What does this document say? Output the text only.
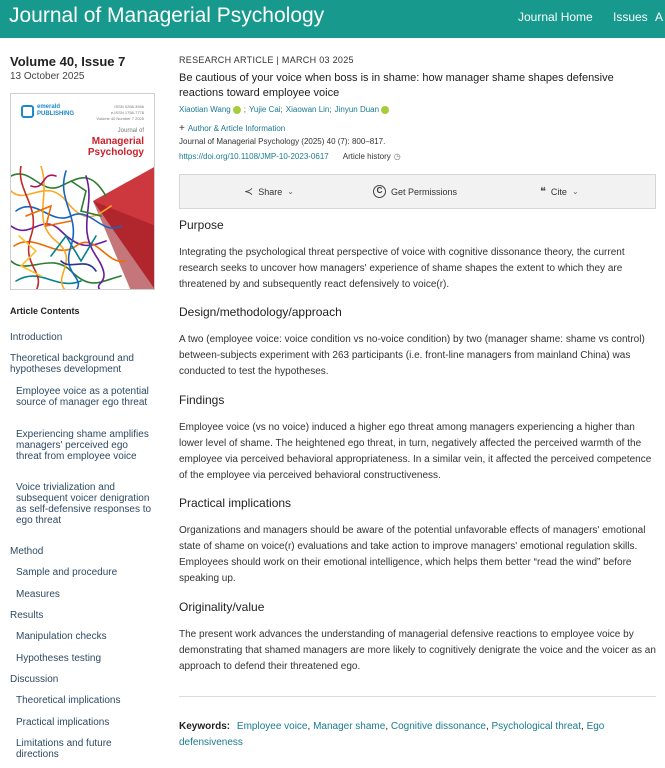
Journal of Managerial Psychology	Journal Home Issues A
Volume 40, Issue 7
13 October 2025
emerald
PUBLISHING
ISSN 0268-3946
e-ISSN 1758-7778
Volume 40 Number 7 2025
Journal of
Managerial
Psychology
Article Contents
Introduction
Theoretical background and hypotheses development
Employee voice as a potential source of manager ego threat
Experiencing shame amplifies managers' perceived ego threat from employee voice
Voice trivialization and subsequent voicer denigration as self-defensive responses to ego threat
Method
Sample and procedure
Measures
Results
Manipulation checks
Hypotheses testing
Discussion
Theoretical implications
Practical implications
Limitations and future directions
RESEARCH ARTICLE | MARCH 03 2025
Be cautious of your voice when boss is in shame: how manager shame shapes defensive reactions toward employee voice
Xiaotian Wang ; Yujie Cai ; Xiaowan Lin ; Jinyun Duan
+ Author & Article Information
Journal of Managerial Psychology (2025) 40 (7): 800–817.
https://doi.org/10.1108/JMP-10-2023-0617 Article history ◷
≺ Share ⌄	C Get Permissions	❝ Cite ⌄
Purpose
Integrating the psychological threat perspective of voice with cognitive dissonance theory, the current research seeks to uncover how managers' experience of shame shapes the extent to which they are threatened by and subsequently react defensively to voice(r).
Design/methodology/approach
A two (employee voice: voice condition vs no-voice condition) by two (manager shame: shame vs control) between-subjects experiment with 263 participants (i.e. front-line managers from mainland China) was conducted to test the hypotheses.
Findings
Employee voice (vs no voice) induced a higher ego threat among managers experiencing a higher than lower level of shame. The heightened ego threat, in turn, negatively affected the perceived warmth of the employee via perceived behavioral appropriateness. In a similar vein, it affected the perceived competence of the employee via perceived behavioral constructiveness.
Practical implications
Organizations and managers should be aware of the potential unfavorable effects of managers' emotional state of shame on voice(r) evaluations and take action to improve managers' emotional regulation skills. Employees should work on their emotional intelligence, which helps them better “read the wind” before speaking up.
Originality/value
The present work advances the understanding of managerial defensive reactions to employee voice by demonstrating that shamed managers are more likely to cognitively denigrate the voice and the voicer as an approach to defend their threatened ego.
Keywords: Employee voice, Manager shame, Cognitive dissonance, Psychological threat, Ego defensiveness
